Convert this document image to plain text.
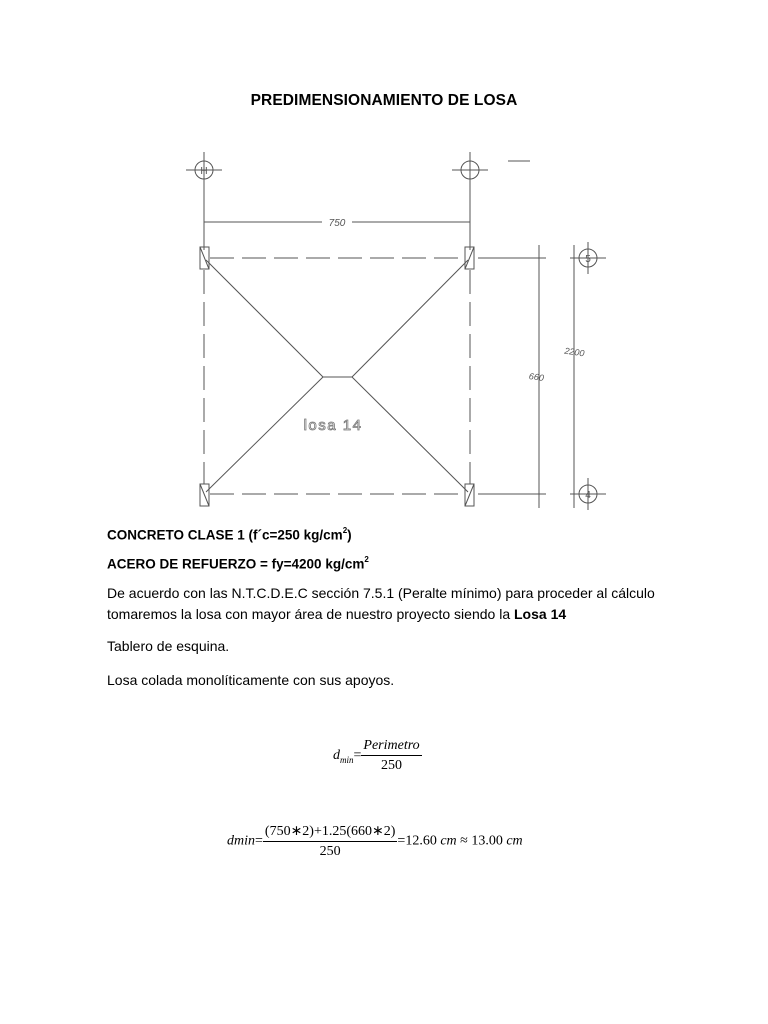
PREDIMENSIONAMIENTO DE LOSA
H
5
4
750
660
2200
losa 14
CONCRETO CLASE 1 (f´c=250 $kg/cm^2$)
ACERO DE REFUERZO = fy=4200 $kg/cm^2$
De acuerdo con las N.T.C.D.E.C sección 7.5.1 (Peralte mínimo) para proceder al cálculo tomaremos la losa con mayor área de nuestro proyecto siendo la Losa 14
Tablero de esquina.
Losa colada monolíticamente con sus apoyos.
$d_{min}= \frac{\text{Perimetro}}{250}$
$dmin= \frac{(750∗2)+1.25(660∗2)}{250} =12.60$ cm ≈ 13.00 cm
